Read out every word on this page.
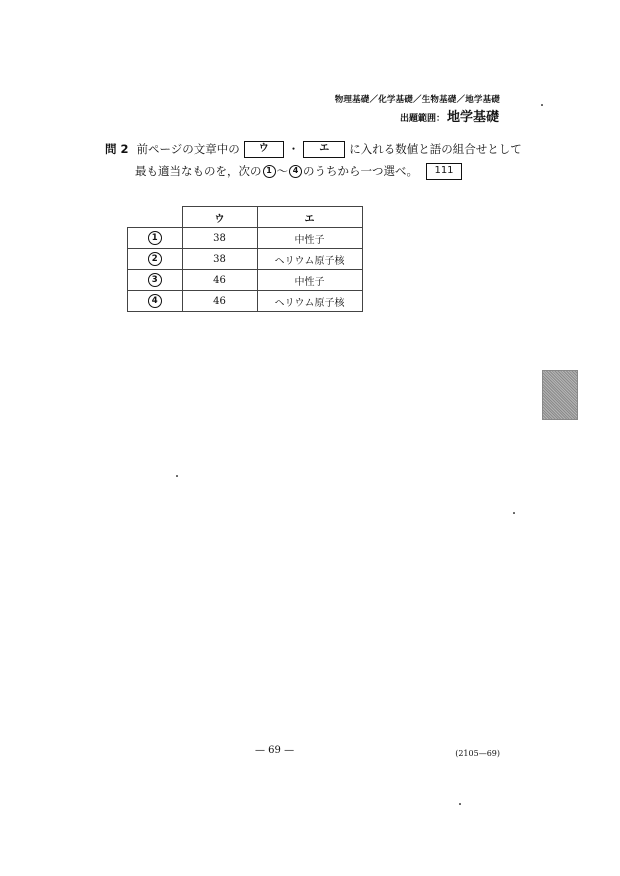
物理基礎／化学基礎／生物基礎／地学基礎
出題範囲： 地学基礎
問 2 前ページの文章中の	ウ	・	エ	に入れる数値と語の組合せとして
最も適当なものを，次の 1 ～ 4 のうちから一つ選べ。	111
	ウ	エ
1	38	中性子
2	38	ヘリウム原子核
3	46	中性子
4	46	ヘリウム原子核
— 69 —	(2105—69)
